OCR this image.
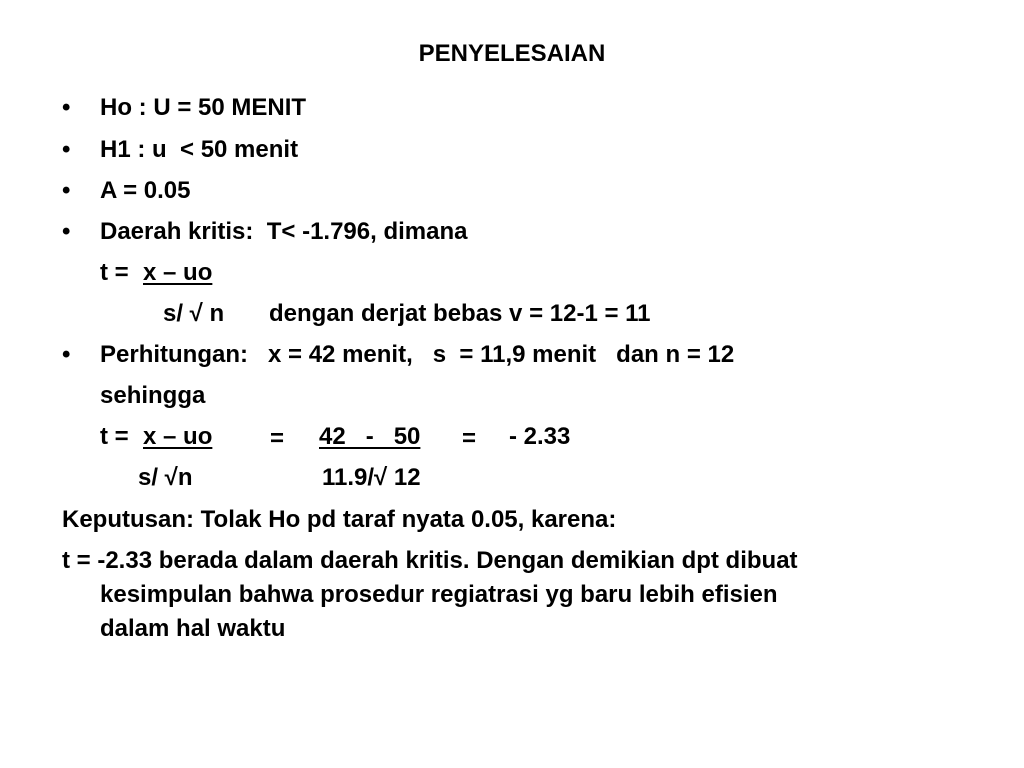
PENYELESAIAN
• Ho : U = 50 MENIT
• H1 : u  < 50 menit
• A = 0.05
• Daerah kritis:  T< -1.796, dimana
t = x – uo
s/ √ n dengan derjat bebas v = 12-1 = 11
• Perhitungan:   x = 42 menit,   s  = 11,9 menit   dan n = 12
sehingga
t = x – uo = 42   -   50 = - 2.33
s/ √n	11.9/√ 12
Keputusan: Tolak Ho pd taraf nyata 0.05, karena:
t = -2.33 berada dalam daerah kritis. Dengan demikian dpt dibuat
kesimpulan bahwa prosedur regiatrasi yg baru lebih efisien
dalam hal waktu
